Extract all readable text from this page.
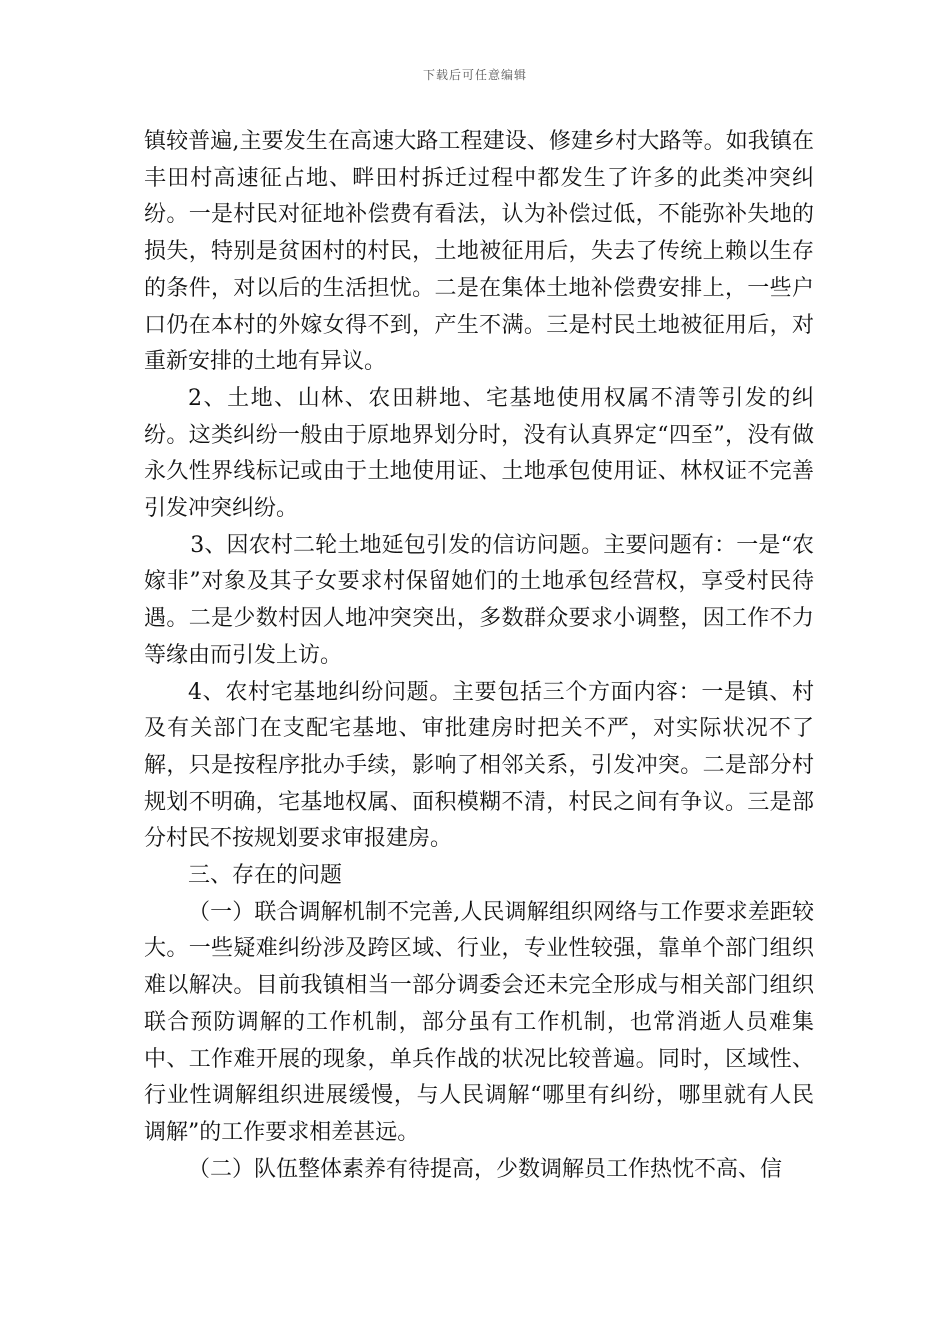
下载后可任意编辑

镇较普遍,主要发生在高速大路工程建设、修建乡村大路等。如我镇在丰田村高速征占地、畔田村拆迁过程中都发生了许多的此类冲突纠纷。一是村民对征地补偿费有看法，认为补偿过低，不能弥补失地的损失，特别是贫困村的村民，土地被征用后，失去了传统上赖以生存的条件，对以后的生活担忧。二是在集体土地补偿费安排上，一些户口仍在本村的外嫁女得不到，产生不满。三是村民土地被征用后，对重新安排的土地有异议。

2、土地、山林、农田耕地、宅基地使用权属不清等引发的纠纷。这类纠纷一般由于原地界划分时，没有认真界定“四至”，没有做永久性界线标记或由于土地使用证、土地承包使用证、林权证不完善引发冲突纠纷。

3、因农村二轮土地延包引发的信访问题。主要问题有：一是“农嫁非”对象及其子女要求村保留她们的土地承包经营权，享受村民待遇。二是少数村因人地冲突突出，多数群众要求小调整，因工作不力等缘由而引发上访。

4、农村宅基地纠纷问题。主要包括三个方面内容：一是镇、村及有关部门在支配宅基地、审批建房时把关不严，对实际状况不了解，只是按程序批办手续，影响了相邻关系，引发冲突。二是部分村规划不明确，宅基地权属、面积模糊不清，村民之间有争议。三是部分村民不按规划要求审报建房。

三、存在的问题

（一）联合调解机制不完善,人民调解组织网络与工作要求差距较大。一些疑难纠纷涉及跨区域、行业，专业性较强，靠单个部门组织难以解决。目前我镇相当一部分调委会还未完全形成与相关部门组织联合预防调解的工作机制，部分虽有工作机制，也常消逝人员难集中、工作难开展的现象，单兵作战的状况比较普遍。同时，区域性、行业性调解组织进展缓慢，与人民调解“哪里有纠纷，哪里就有人民调解”的工作要求相差甚远。

（二）队伍整体素养有待提高，少数调解员工作热忱不高、信
